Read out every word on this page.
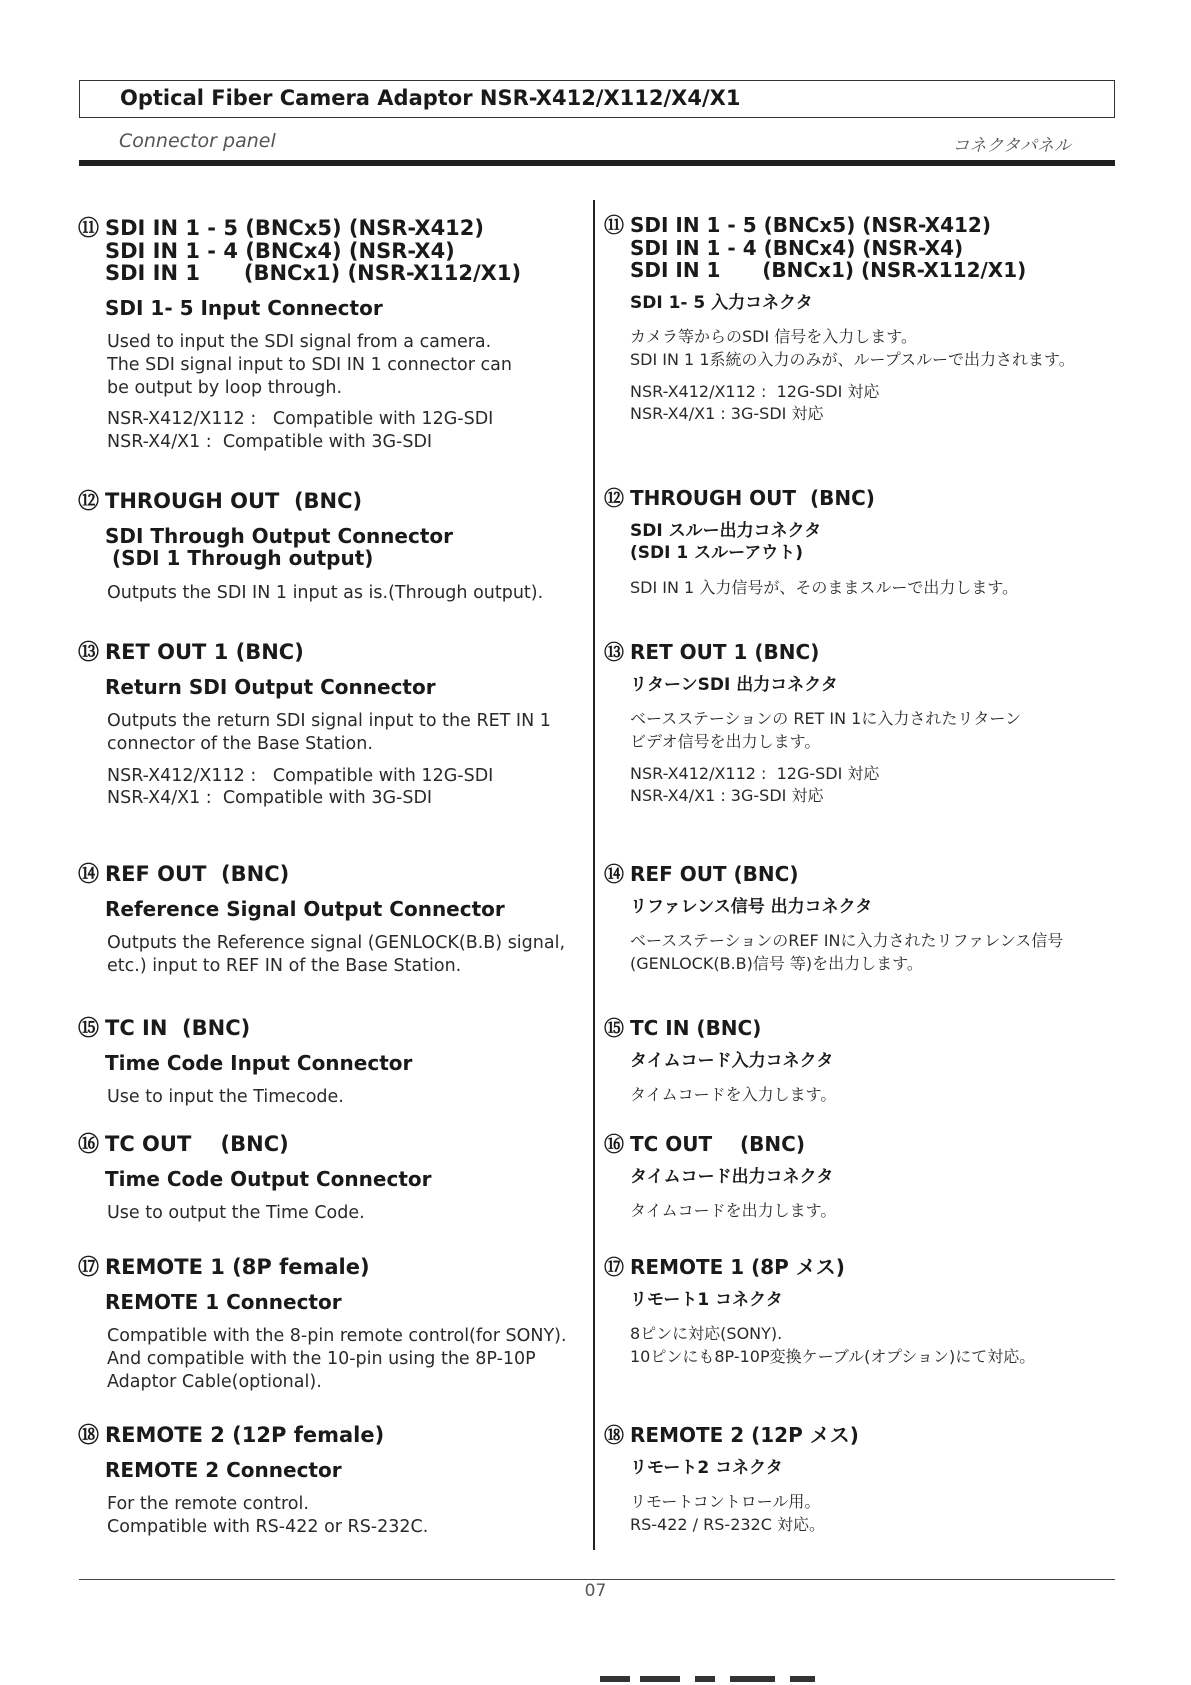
Optical Fiber Camera Adaptor NSR-X412/X112/X4/X1
Connector panel	コネクタパネル
⑪ SDI IN 1 - 5 (BNCx5) (NSR-X412)
SDI IN 1 - 4 (BNCx4) (NSR-X4)
SDI IN 1      (BNCx1) (NSR-X112/X1)
SDI 1- 5 Input Connector
Used to input the SDI signal from a camera.
The SDI signal input to SDI IN 1 connector can
be output by loop through.
NSR-X412/X112 :   Compatible with 12G-SDI
NSR-X4/X1 :  Compatible with 3G-SDI
⑫ THROUGH OUT  (BNC)
SDI Through Output Connector
(SDI 1 Through output)
Outputs the SDI IN 1 input as is.(Through output).
⑬ RET OUT 1 (BNC)
Return SDI Output Connector
Outputs the return SDI signal input to the RET IN 1
connector of the Base Station.
NSR-X412/X112 :   Compatible with 12G-SDI
NSR-X4/X1 :  Compatible with 3G-SDI
⑭ REF OUT  (BNC)
Reference Signal Output Connector
Outputs the Reference signal (GENLOCK(B.B) signal,
etc.) input to REF IN of the Base Station.
⑮ TC IN  (BNC)
Time Code Input Connector
Use to input the Timecode.
⑯ TC OUT    (BNC)
Time Code Output Connector
Use to output the Time Code.
⑰ REMOTE 1 (8P female)
REMOTE 1 Connector
Compatible with the 8-pin remote control(for SONY).
And compatible with the 10-pin using the 8P-10P
Adaptor Cable(optional).
⑱ REMOTE 2 (12P female)
REMOTE 2 Connector
For the remote control.
Compatible with RS-422 or RS-232C.
⑪ SDI IN 1 - 5 (BNCx5) (NSR-X412)
SDI IN 1 - 4 (BNCx4) (NSR-X4)
SDI IN 1      (BNCx1) (NSR-X112/X1)
SDI 1- 5 入力コネクタ
カメラ等からのSDI 信号を入力します。
SDI IN 1 1系統の入力のみが、ループスルーで出力されます。
NSR-X412/X112 :  12G-SDI 対応
NSR-X4/X1 : 3G-SDI 対応
⑫ THROUGH OUT  (BNC)
SDI スルー出力コネクタ
(SDI 1 スルーアウト)
SDI IN 1 入力信号が、そのままスルーで出力します。
⑬ RET OUT 1 (BNC)
リターンSDI 出力コネクタ
ベースステーションの RET IN 1に入力されたリターン
ビデオ信号を出力します。
NSR-X412/X112 :  12G-SDI 対応
NSR-X4/X1 : 3G-SDI 対応
⑭ REF OUT (BNC)
リファレンス信号 出力コネクタ
ベースステーションのREF INに入力されたリファレンス信号
(GENLOCK(B.B)信号 等)を出力します。
⑮ TC IN (BNC)
タイムコード入力コネクタ
タイムコードを入力します。
⑯ TC OUT    (BNC)
タイムコード出力コネクタ
タイムコードを出力します。
⑰ REMOTE 1 (8P メス)
リモート1 コネクタ
8ピンに対応(SONY).
10ピンにも8P-10P変換ケーブル(オプション)にて対応。
⑱ REMOTE 2 (12P メス)
リモート2 コネクタ
リモートコントロール用。
RS-422 / RS-232C 対応。
07
